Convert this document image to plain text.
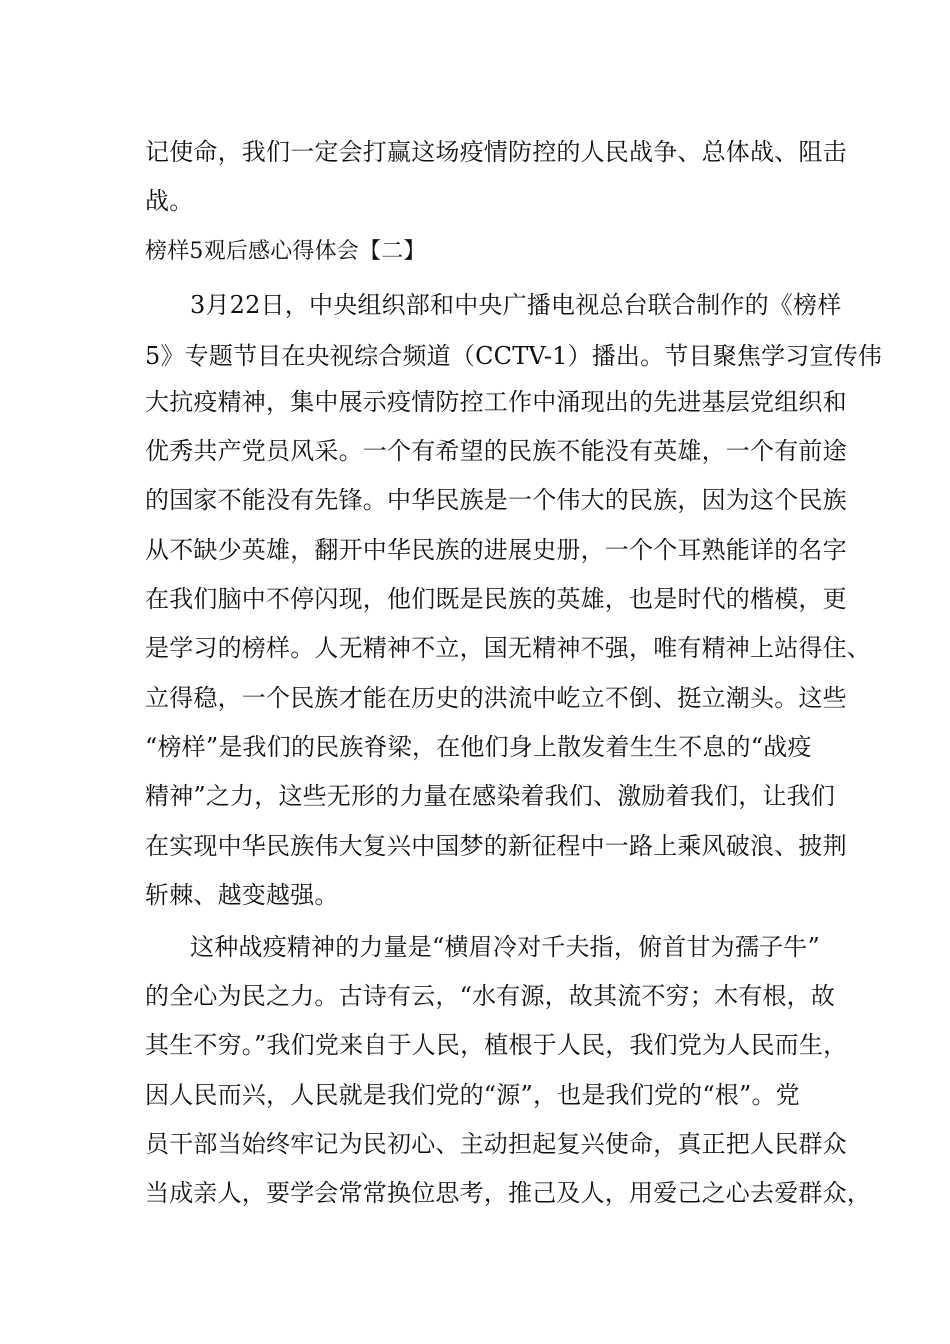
记使命，我们一定会打赢这场疫情防控的人民战争、总体战、阻击
战。
榜样5观后感心得体会【二】
3月22日，中央组织部和中央广播电视总台联合制作的《榜样
5》专题节目在央视综合频道（CCTV-1）播出。节目聚焦学习宣传伟
大抗疫精神，集中展示疫情防控工作中涌现出的先进基层党组织和
优秀共产党员风采。一个有希望的民族不能没有英雄，一个有前途
的国家不能没有先锋。中华民族是一个伟大的民族，因为这个民族
从不缺少英雄，翻开中华民族的进展史册，一个个耳熟能详的名字
在我们脑中不停闪现，他们既是民族的英雄，也是时代的楷模，更
是学习的榜样。人无精神不立，国无精神不强，唯有精神上站得住、
立得稳，一个民族才能在历史的洪流中屹立不倒、挺立潮头。这些
“榜样”是我们的民族脊梁，在他们身上散发着生生不息的“战疫
精神”之力，这些无形的力量在感染着我们、激励着我们，让我们
在实现中华民族伟大复兴中国梦的新征程中一路上乘风破浪、披荆
斩棘、越变越强。
这种战疫精神的力量是“横眉冷对千夫指，俯首甘为孺子牛”
的全心为民之力。古诗有云，“水有源，故其流不穷；木有根，故
其生不穷。”我们党来自于人民，植根于人民，我们党为人民而生，
因人民而兴，人民就是我们党的“源”，也是我们党的“根”。党
员干部当始终牢记为民初心、主动担起复兴使命，真正把人民群众
当成亲人，要学会常常换位思考，推己及人，用爱己之心去爱群众，
